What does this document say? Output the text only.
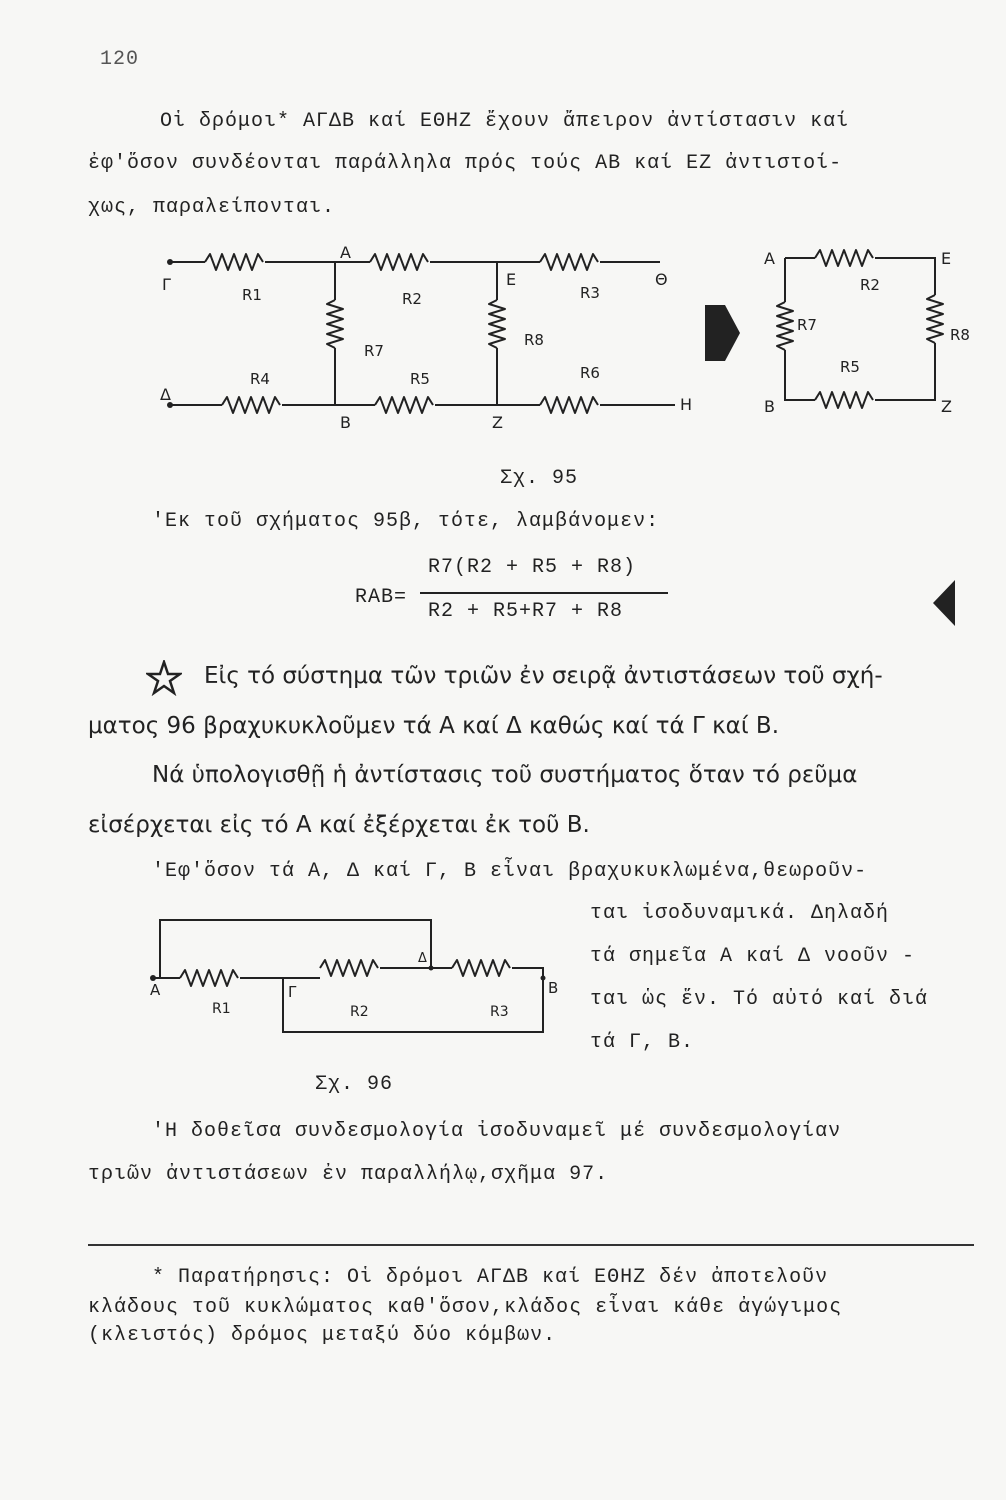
120
Οἱ δρόμοι* ΑΓΔΒ καί ΕΘΗΖ ἔχουν ἄπειρον ἀντίστασιν καί
ἐφ'ὅσον συνδέονται παράλληλα πρός τούς ΑΒ καί ΕΖ ἀντιστοί-
χως, παραλείπονται.
Γ
Α
Δ
Β
Ε
Ζ
Θ
Η
R1	R2	R3
R4	R5	R6
R7
R8
Α	Ε
Β	Ζ
R2
R7
R5
R8
Σχ. 95
'Εκ τοῦ σχήματος 95β, τότε, λαμβάνομεν:
R7(R2 + R5 + R8)
RAB=
R2 + R5+R7 + R8
Εἰς τό σύστημα τῶν τριῶν ἐν σειρᾷ ἀντιστάσεων τοῦ σχή-
ματος 96 βραχυκυκλοῦμεν τά Α καί Δ καθώς καί τά Γ καί Β.
Νά ὑπολογισθῇ ἡ ἀντίστασις τοῦ συστήματος ὅταν τό ρεῦμα
εἰσέρχεται εἰς τό Α καί ἐξέρχεται ἐκ τοῦ Β.
'Εφ'ὅσον τά Α, Δ καί Γ, Β εἶναι βραχυκυκλωμένα,θεωροῦν-
ται ἰσοδυναμικά. Δηλαδή
τά σημεῖα Α καί Δ νοοῦν -
ται ὡς ἕν. Τό αὐτό καί διά
τά Γ, Β.
Α	Γ
Δ
Β
R1	R2	R3
Σχ. 96
'Η δοθεῖσα συνδεσμολογία ἰσοδυναμεῖ μέ συνδεσμολογίαν
τριῶν ἀντιστάσεων ἐν παραλλήλῳ,σχῆμα 97.
* Παρατήρησις: Οἱ δρόμοι ΑΓΔΒ καί ΕΘΗΖ δέν ἀποτελοῦν
κλάδους τοῦ κυκλώματος καθ'ὅσον,κλάδος εἶναι κάθε ἀγώγιμος
(κλειστός) δρόμος μεταξύ δύο κόμβων.
